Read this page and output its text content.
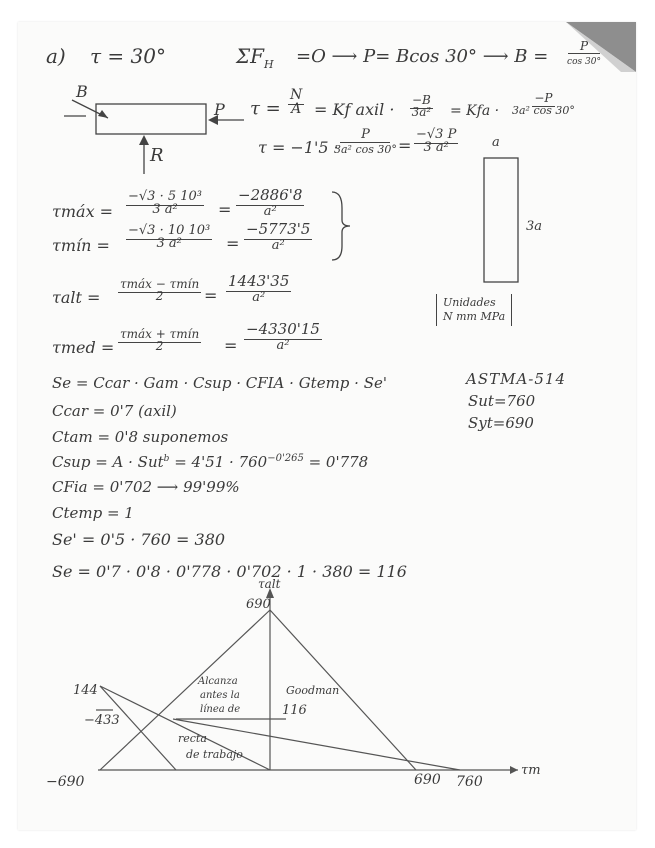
a) τ = 30°	$\Sigma F_H =O$ ⟶ P= Bcos 30° ⟶ B =	P
cos 30°
B
P
R
τ =
N
A = Kf axil · −B
3a² = Kfa ·
−P
3a² cos 30°
τ = −1'5 ·
P
3a² cos 30° =
−√3 P
3 a²	a
3a
τmáx =
−√3 · 5 10³
3 a²	=
−2886'8
a²
τmín =
−√3 · 10 10³
3 a²	=
−5773'5
a²
Unidades
N mm MPa
τalt =
τmáx − τmín
2	=
1443'35
a²
τmed =
τmáx + τmín
2	=
−4330'15
a²
ASTMA-514
Sut=760
Syt=690
Se = Ccar · Gam · Csup · CFIA · Gtemp · Se'
Ccar = 0'7 (axil)
Ctam = 0'8 suponemos
Csup = $A \cdot Sut^b = 4'51 \cdot 760^{-0'265} = 0'778$
CFia = 0'702 ⟶ 99'99%
Ctemp = 1
Se' = 0'5 · 760 = 380
Se = 0'7 · 0'8 · 0'778 · 0'702 · 1 · 380 = 116
τalt
690
τm
−690	690 760
144
−433
Alcanza
antes la
línea de
Goodman
116
recta
de trabajo
